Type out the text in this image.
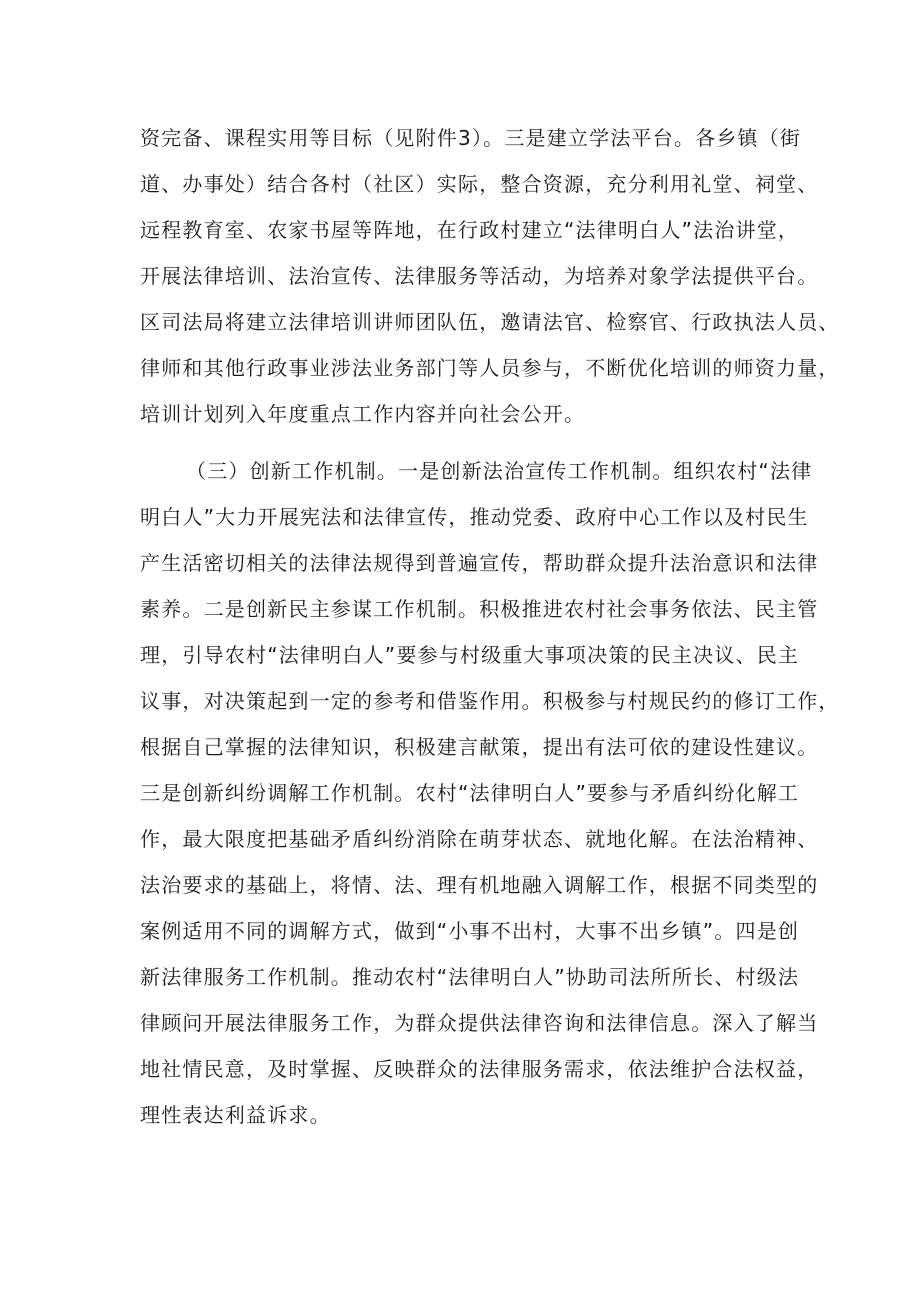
资完备、课程实用等目标（见附件3）。三是建立学法平台。各乡镇（街
道、办事处）结合各村（社区）实际，整合资源，充分利用礼堂、祠堂、
远程教育室、农家书屋等阵地，在行政村建立“法律明白人”法治讲堂，
开展法律培训、法治宣传、法律服务等活动，为培养对象学法提供平台。
区司法局将建立法律培训讲师团队伍，邀请法官、检察官、行政执法人员、
律师和其他行政事业涉法业务部门等人员参与，不断优化培训的师资力量，
培训计划列入年度重点工作内容并向社会公开。
（三）创新工作机制。一是创新法治宣传工作机制。组织农村“法律
明白人”大力开展宪法和法律宣传，推动党委、政府中心工作以及村民生
产生活密切相关的法律法规得到普遍宣传，帮助群众提升法治意识和法律
素养。二是创新民主参谋工作机制。积极推进农村社会事务依法、民主管
理，引导农村“法律明白人”要参与村级重大事项决策的民主决议、民主
议事，对决策起到一定的参考和借鉴作用。积极参与村规民约的修订工作，
根据自己掌握的法律知识，积极建言献策，提出有法可依的建设性建议。
三是创新纠纷调解工作机制。农村“法律明白人”要参与矛盾纠纷化解工
作，最大限度把基础矛盾纠纷消除在萌芽状态、就地化解。在法治精神、
法治要求的基础上，将情、法、理有机地融入调解工作，根据不同类型的
案例适用不同的调解方式，做到“小事不出村，大事不出乡镇”。四是创
新法律服务工作机制。推动农村“法律明白人”协助司法所所长、村级法
律顾问开展法律服务工作，为群众提供法律咨询和法律信息。深入了解当
地社情民意，及时掌握、反映群众的法律服务需求，依法维护合法权益，
理性表达利益诉求。
